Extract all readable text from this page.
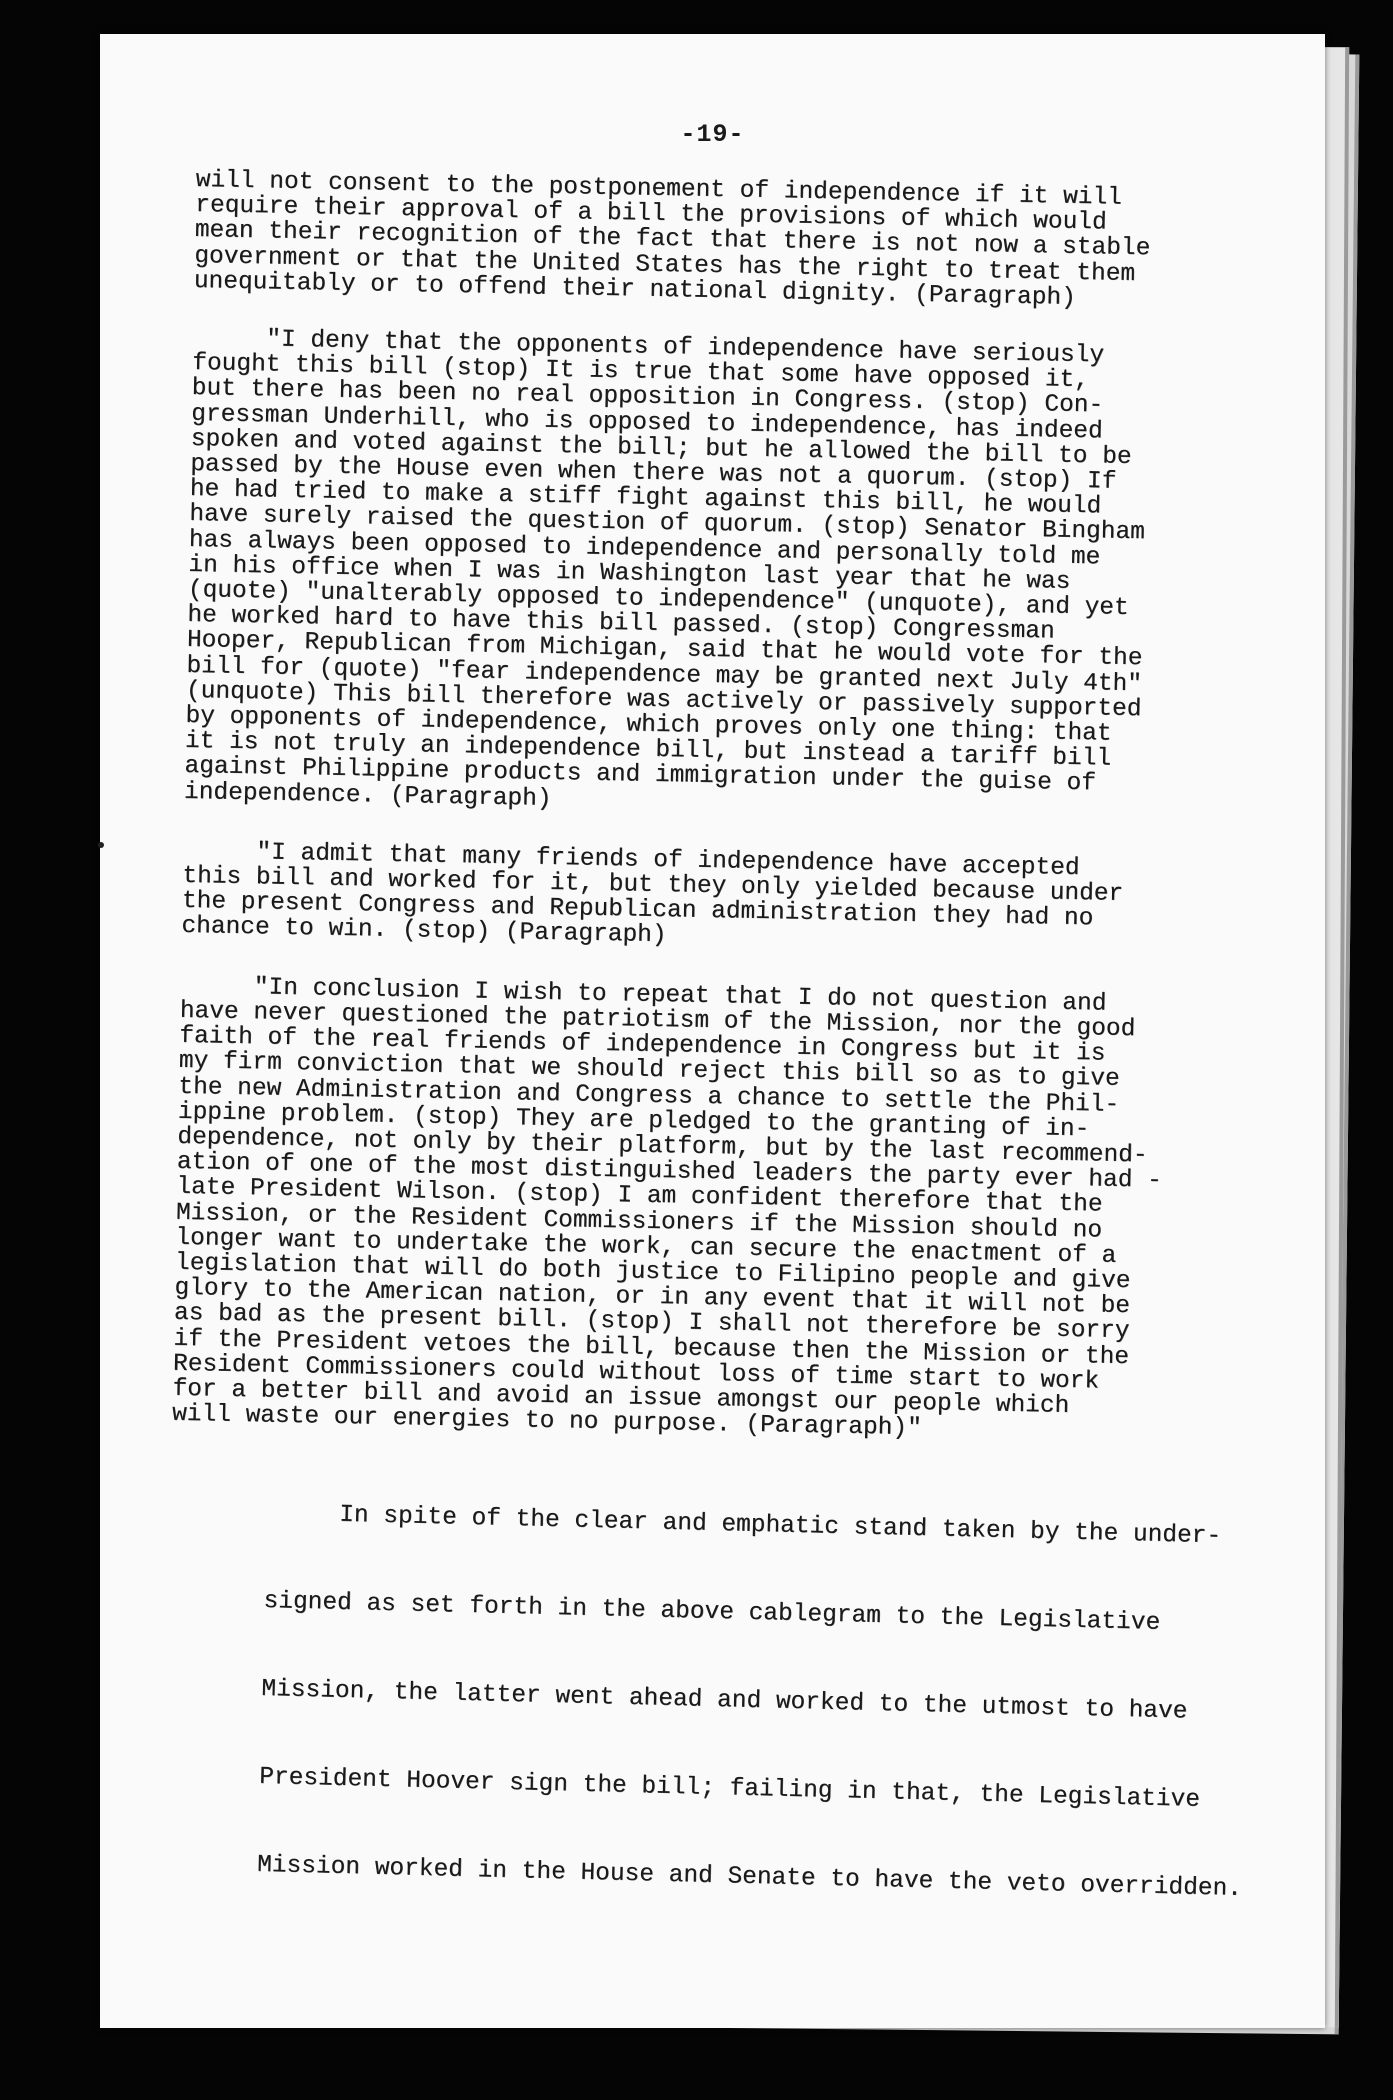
-19-

will not consent to the postponement of independence if it will
require their approval of a bill the provisions of which would
mean their recognition of the fact that there is not now a stable
government or that the United States has the right to treat them
unequitably or to offend their national dignity. (Paragraph)

"I deny that the opponents of independence have seriously
fought this bill (stop) It is true that some have opposed it,
but there has been no real opposition in Congress. (stop) Con-
gressman Underhill, who is opposed to independence, has indeed
spoken and voted against the bill; but he allowed the bill to be
passed by the House even when there was not a quorum. (stop) If
he had tried to make a stiff fight against this bill, he would
have surely raised the question of quorum. (stop) Senator Bingham
has always been opposed to independence and personally told me
in his office when I was in Washington last year that he was
(quote) "unalterably opposed to independence" (unquote), and yet
he worked hard to have this bill passed. (stop) Congressman
Hooper, Republican from Michigan, said that he would vote for the
bill for (quote) "fear independence may be granted next July 4th"
(unquote) This bill therefore was actively or passively supported
by opponents of independence, which proves only one thing: that
it is not truly an independence bill, but instead a tariff bill
against Philippine products and immigration under the guise of
independence. (Paragraph)

"I admit that many friends of independence have accepted
this bill and worked for it, but they only yielded because under
the present Congress and Republican administration they had no
chance to win. (stop) (Paragraph)

"In conclusion I wish to repeat that I do not question and
have never questioned the patriotism of the Mission, nor the good
faith of the real friends of independence in Congress but it is
my firm conviction that we should reject this bill so as to give
the new Administration and Congress a chance to settle the Phil-
ippine problem. (stop) They are pledged to the granting of in-
dependence, not only by their platform, but by the last recommend-
ation of one of the most distinguished leaders the party ever had -
late President Wilson. (stop) I am confident therefore that the
Mission, or the Resident Commissioners if the Mission should no
longer want to undertake the work, can secure the enactment of a
legislation that will do both justice to Filipino people and give
glory to the American nation, or in any event that it will not be
as bad as the present bill. (stop) I shall not therefore be sorry
if the President vetoes the bill, because then the Mission or the
Resident Commissioners could without loss of time start to work
for a better bill and avoid an issue amongst our people which
will waste our energies to no purpose. (Paragraph)"

In spite of the clear and emphatic stand taken by the under-
signed as set forth in the above cablegram to the Legislative
Mission, the latter went ahead and worked to the utmost to have
President Hoover sign the bill; failing in that, the Legislative
Mission worked in the House and Senate to have the veto overridden.
